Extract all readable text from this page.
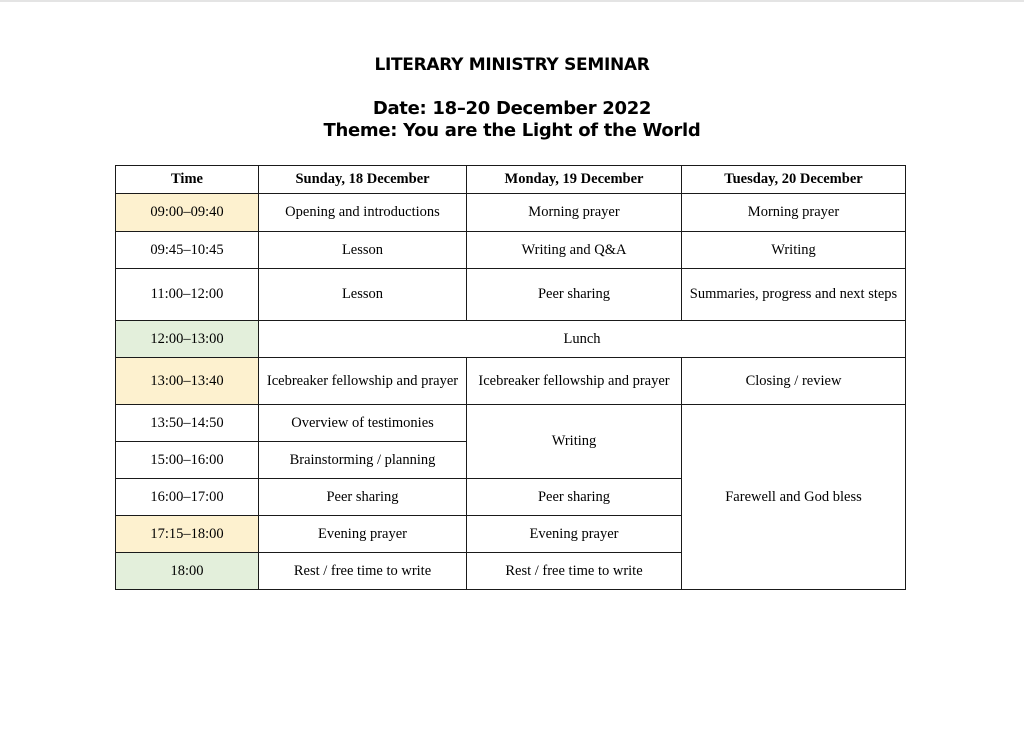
LITERARY MINISTRY SEMINAR
Date: 18–20 December 2022
Theme: You are the Light of the World
Time	Sunday, 18 December	Monday, 19 December	Tuesday, 20 December
09:00–09:40	Opening and introductions	Morning prayer	Morning prayer
09:45–10:45	Lesson	Writing and Q&A	Writing
11:00–12:00	Lesson	Peer sharing	Summaries, progress and next steps
12:00–13:00	Lunch		
13:00–13:40	Icebreaker fellowship and prayer	Icebreaker fellowship and prayer	Closing / review
13:50–14:50	Overview of testimonies	Writing	Farewell and God bless
15:00–16:00	Brainstorming / planning		
16:00–17:00	Peer sharing	Peer sharing	
17:15–18:00	Evening prayer	Evening prayer	
18:00	Rest / free time to write	Rest / free time to write	
